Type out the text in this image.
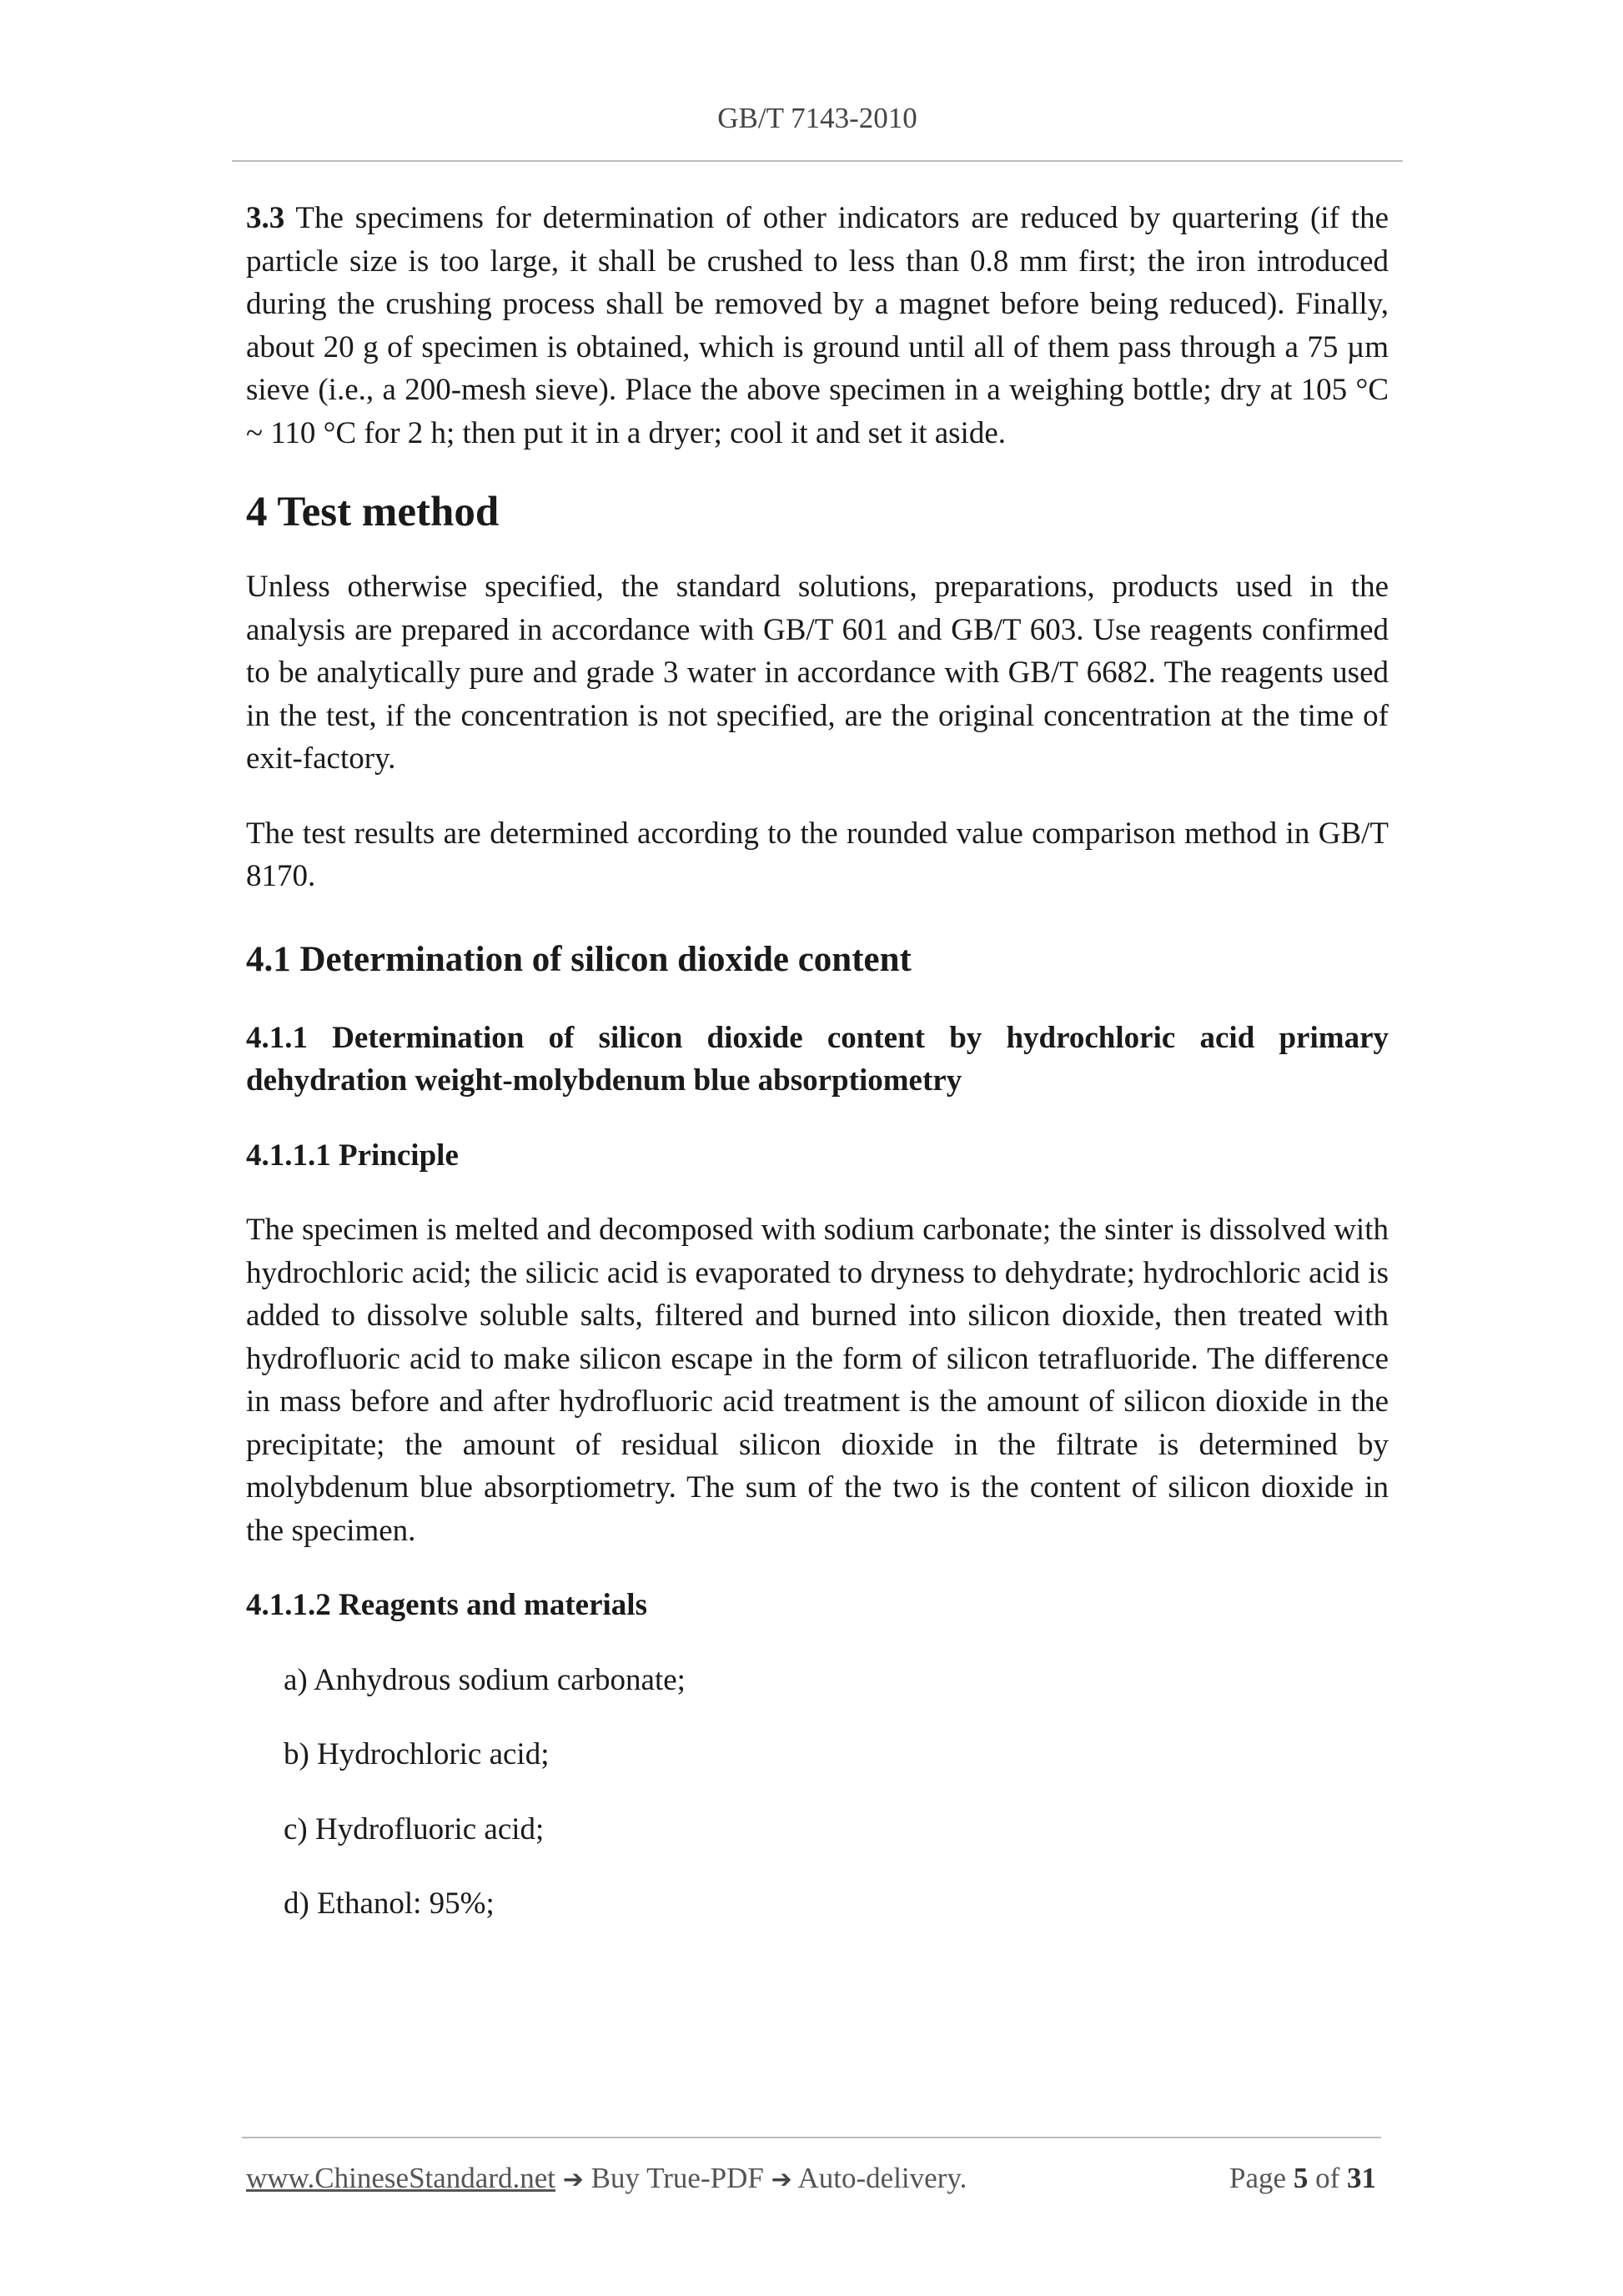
GB/T 7143-2010

3.3 The specimens for determination of other indicators are reduced by quartering (if the particle size is too large, it shall be crushed to less than 0.8 mm first; the iron introduced during the crushing process shall be removed by a magnet before being reduced). Finally, about 20 g of specimen is obtained, which is ground until all of them pass through a 75 µm sieve (i.e., a 200-mesh sieve). Place the above specimen in a weighing bottle; dry at 105 °C ~ 110 °C for 2 h; then put it in a dryer; cool it and set it aside.

4 Test method

Unless otherwise specified, the standard solutions, preparations, products used in the analysis are prepared in accordance with GB/T 601 and GB/T 603. Use reagents confirmed to be analytically pure and grade 3 water in accordance with GB/T 6682. The reagents used in the test, if the concentration is not specified, are the original concentration at the time of exit-factory.

The test results are determined according to the rounded value comparison method in GB/T 8170.

4.1 Determination of silicon dioxide content
4.1.1 Determination of silicon dioxide content by hydrochloric acid primary dehydration weight-molybdenum blue absorptiometry
4.1.1.1 Principle

The specimen is melted and decomposed with sodium carbonate; the sinter is dissolved with hydrochloric acid; the silicic acid is evaporated to dryness to dehydrate; hydrochloric acid is added to dissolve soluble salts, filtered and burned into silicon dioxide, then treated with hydrofluoric acid to make silicon escape in the form of silicon tetrafluoride. The difference in mass before and after hydrofluoric acid treatment is the amount of silicon dioxide in the precipitate; the amount of residual silicon dioxide in the filtrate is determined by molybdenum blue absorptiometry. The sum of the two is the content of silicon dioxide in the specimen.

4.1.1.2 Reagents and materials

a) Anhydrous sodium carbonate;

b) Hydrochloric acid;

c) Hydrofluoric acid;

d) Ethanol: 95%;

www.ChineseStandard.net ➔ Buy True-PDF ➔ Auto-delivery.	Page 5 of 31
